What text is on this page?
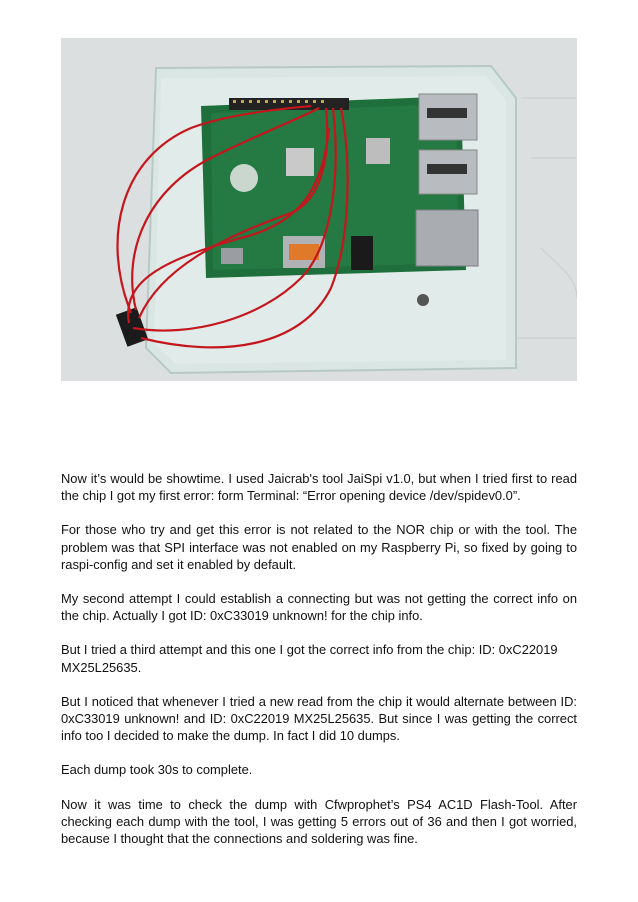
Now it’s would be showtime. I used Jaicrab's tool JaiSpi v1.0, but when I tried first to read the chip I got my first error: form Terminal: “Error opening device /dev/spidev0.0”.

For those who try and get this error is not related to the NOR chip or with the tool. The problem was that SPI interface was not enabled on my Raspberry Pi, so fixed by going to raspi-config and set it enabled by default.

My second attempt I could establish a connecting but was not getting the correct info on the chip. Actually I got ID: 0xC33019 unknown! for the chip info.

But I tried a third attempt and this one I got the correct info from the chip: ID: 0xC22019 MX25L25635.

But I noticed that whenever I tried a new read from the chip it would alternate between ID: 0xC33019 unknown! and ID: 0xC22019 MX25L25635. But since I was getting the correct info too I decided to make the dump. In fact I did 10 dumps.

Each dump took 30s to complete.

Now it was time to check the dump with Cfwprophet’s PS4 AC1D Flash-Tool. After checking each dump with the tool, I was getting 5 errors out of 36 and then I got worried, because I thought that the connections and soldering was fine.
